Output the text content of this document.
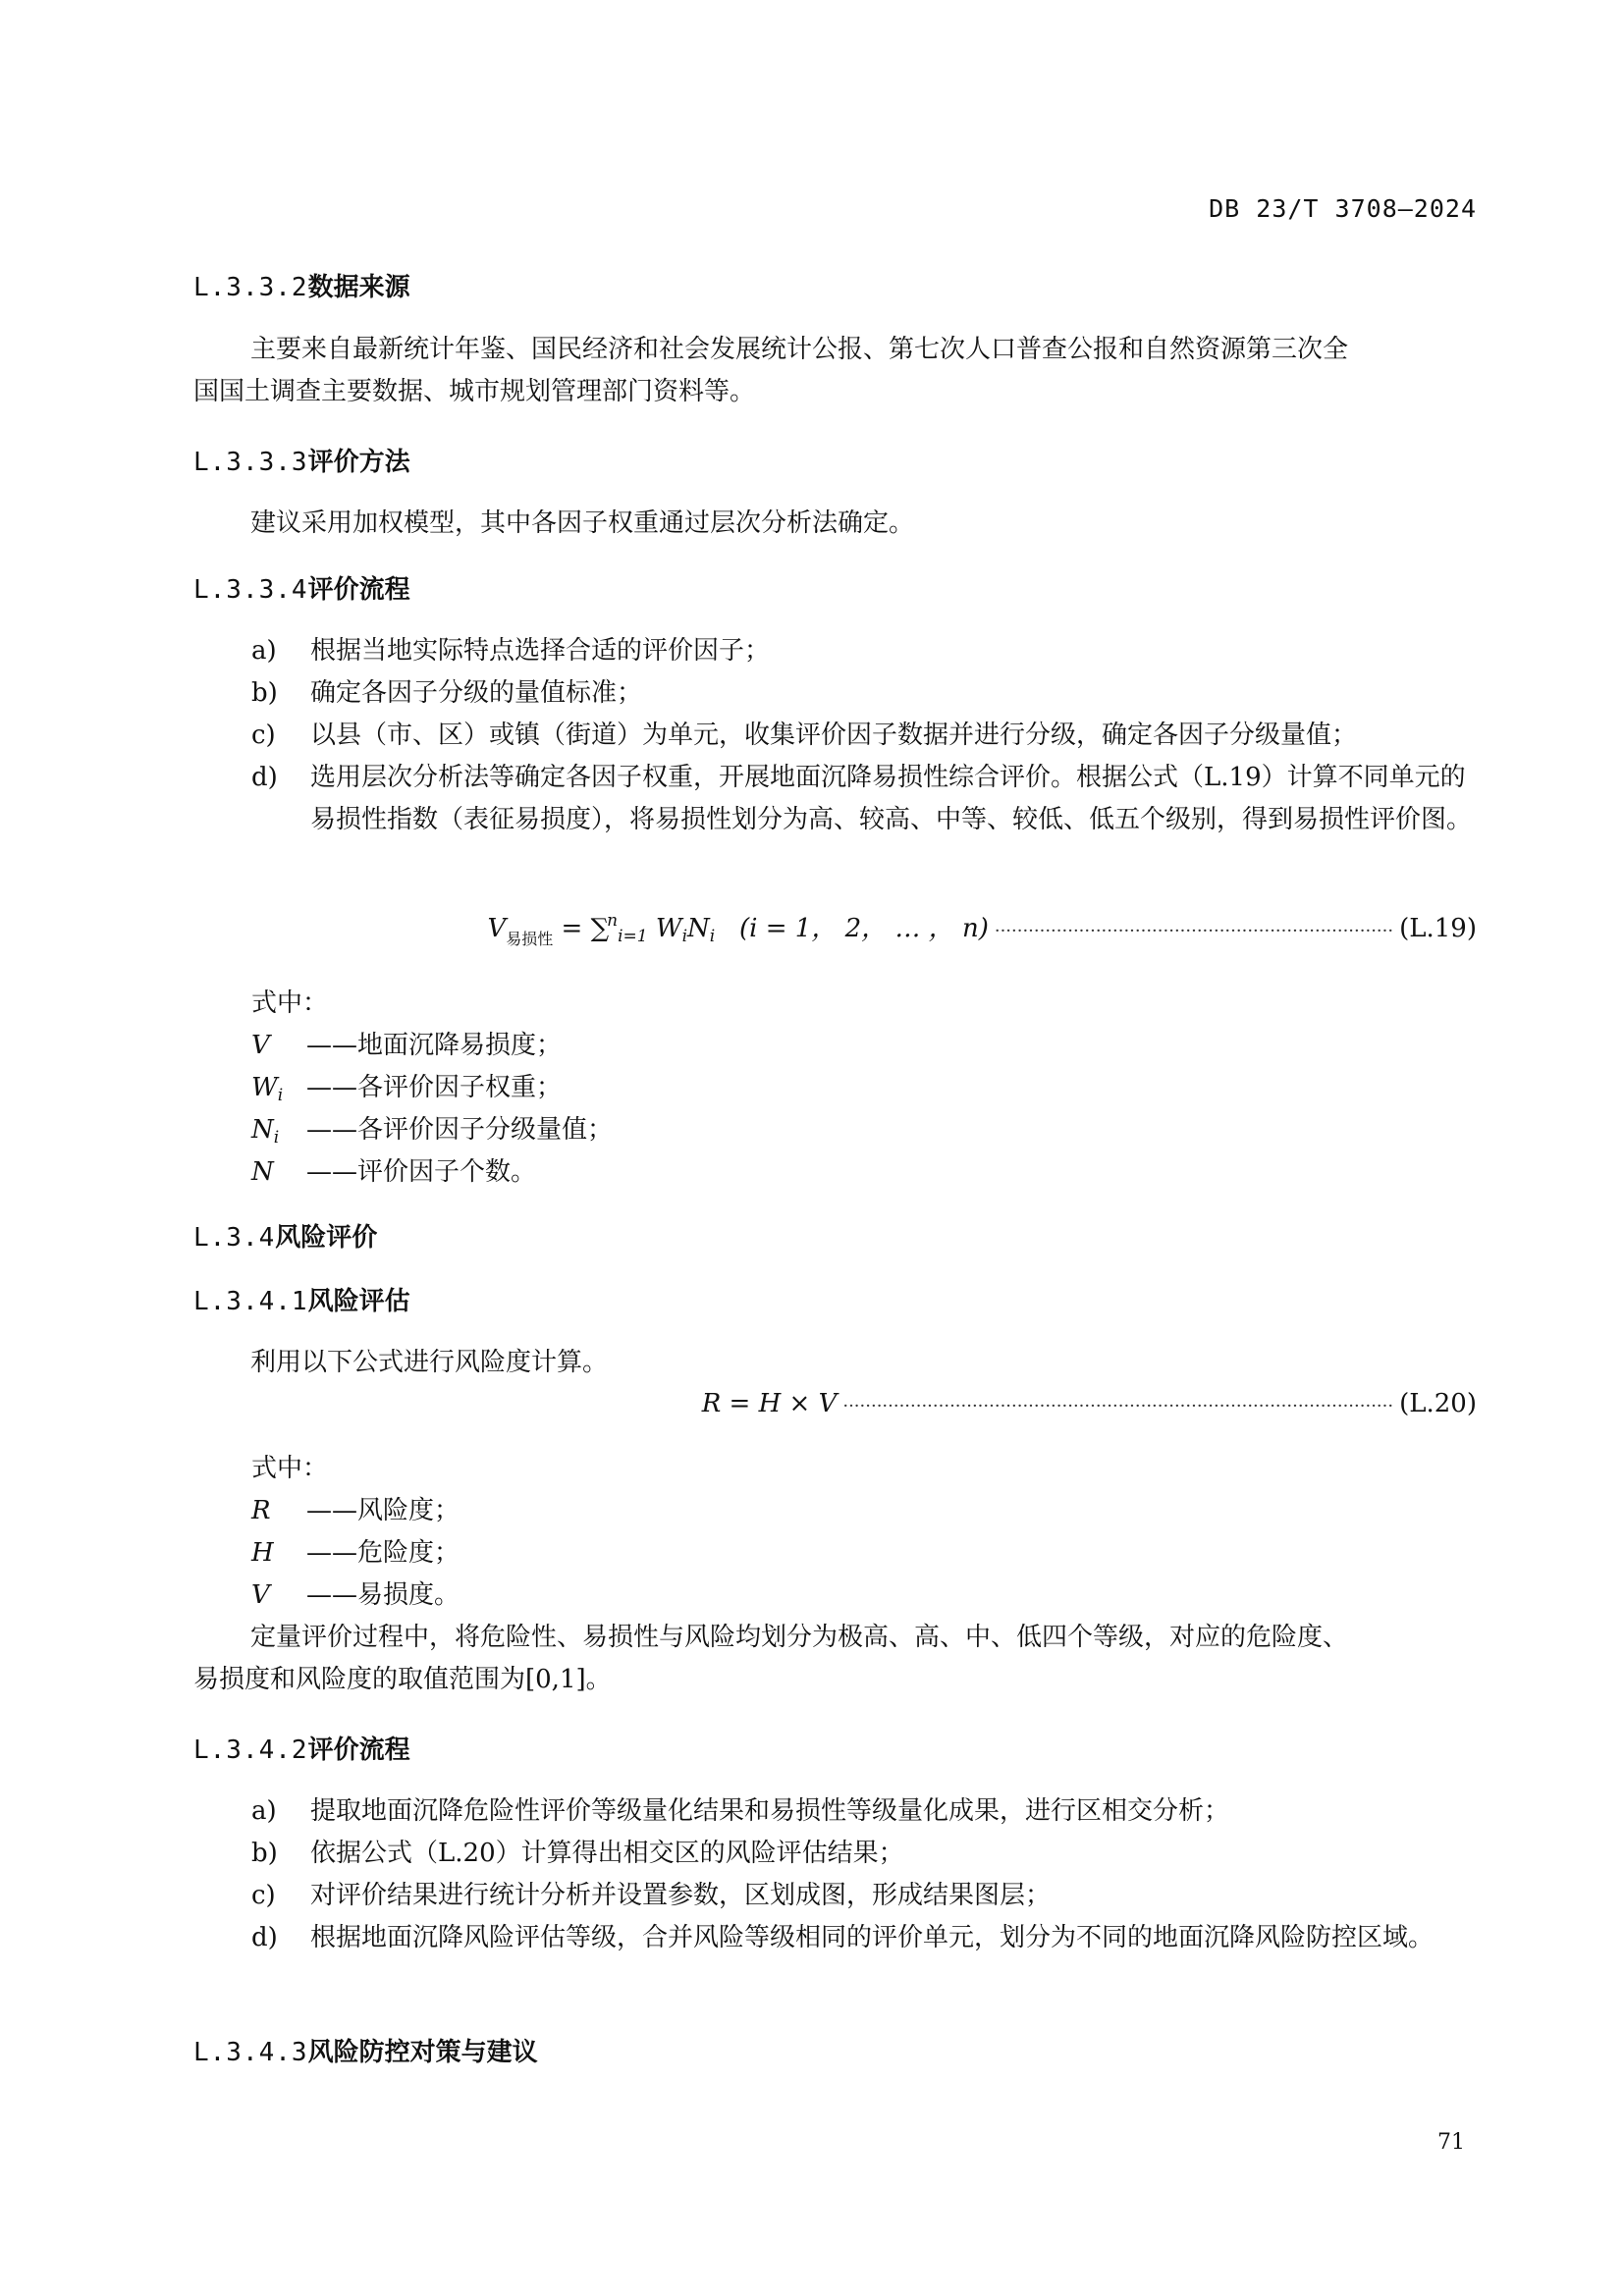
DB 23/T 3708—2024
L.3.3.2数据来源
主要来自最新统计年鉴、国民经济和社会发展统计公报、第七次人口普查公报和自然资源第三次全
国国土调查主要数据、城市规划管理部门资料等。
L.3.3.3评价方法
建议采用加权模型，其中各因子权重通过层次分析法确定。
L.3.3.4评价流程
a)	根据当地实际特点选择合适的评价因子；
b)	确定各因子分级的量值标准；
c)	以县（市、区）或镇（街道）为单元，收集评价因子数据并进行分级，确定各因子分级量值；
d)	选用层次分析法等确定各因子权重，开展地面沉降易损性综合评价。根据公式（L.19）计算不同单元的易损性指数（表征易损度），将易损性划分为高、较高、中等、较低、低五个级别，得到易损性评价图。
$V_{易损性} = \sum^ni=1$ WiNi (i = 1， 2， … ， n) ······································································· (L.19)
式中：
V ——地面沉降易损度；
Wi ——各评价因子权重；
Ni ——各评价因子分级量值；
N ——评价因子个数。
L.3.4风险评价
L.3.4.1风险评估
利用以下公式进行风险度计算。
R = H × V ·································································································· (L.20)
式中：
R ——风险度；
H ——危险度；
V ——易损度。
定量评价过程中，将危险性、易损性与风险均划分为极高、高、中、低四个等级，对应的危险度、
易损度和风险度的取值范围为[0,1]。
L.3.4.2评价流程
a)	提取地面沉降危险性评价等级量化结果和易损性等级量化成果，进行区相交分析；
b)	依据公式（L.20）计算得出相交区的风险评估结果；
c)	对评价结果进行统计分析并设置参数，区划成图，形成结果图层；
d)	根据地面沉降风险评估等级，合并风险等级相同的评价单元，划分为不同的地面沉降风险防控区域。
L.3.4.3风险防控对策与建议
71
